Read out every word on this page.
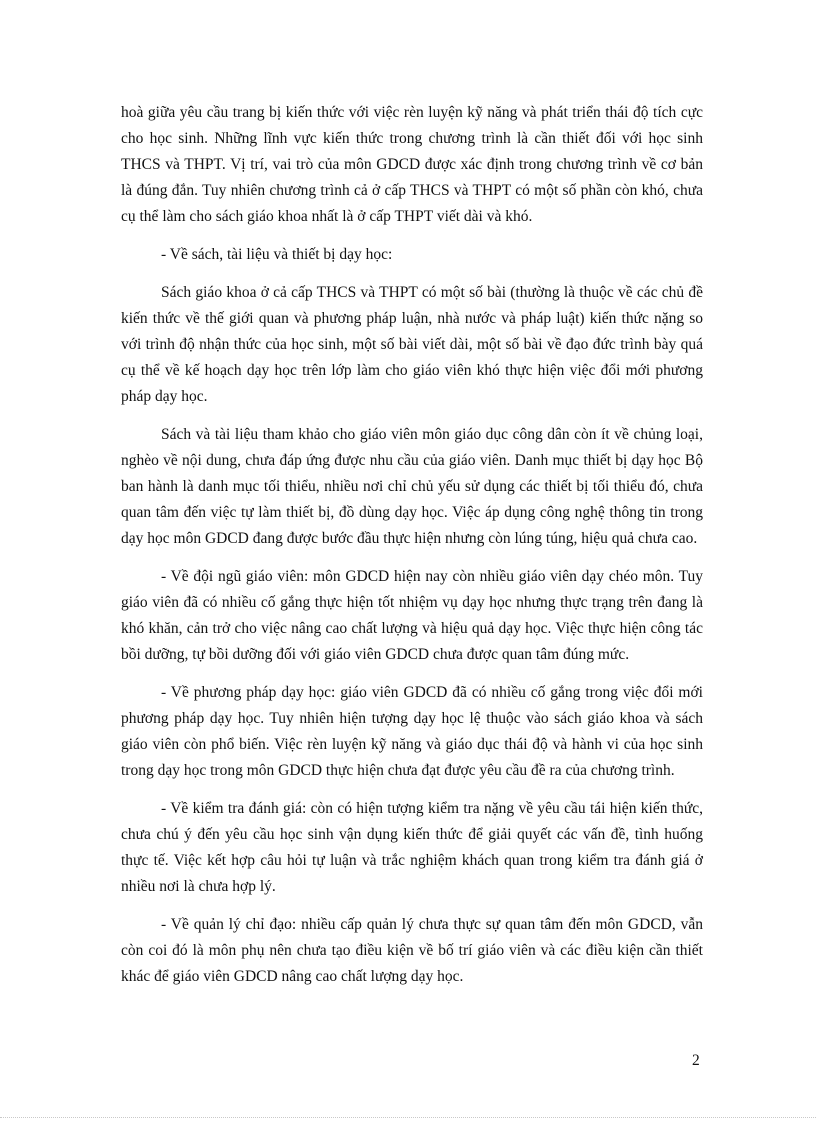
hoà giữa yêu cầu trang bị kiến thức với việc rèn luyện kỹ năng và phát triển thái độ tích cực cho học sinh. Những lĩnh vực kiến thức trong chương trình là cần thiết đối với học sinh THCS và THPT. Vị trí, vai trò của môn GDCD được xác định trong chương trình về cơ bản là đúng đắn. Tuy nhiên chương trình cả ở cấp THCS và THPT có một số phần còn khó, chưa cụ thể làm cho sách giáo khoa nhất là ở cấp THPT viết dài và khó.

- Về sách, tài liệu và thiết bị dạy học:

Sách giáo khoa ở cả cấp THCS và THPT có một số bài (thường là thuộc về các chủ đề kiến thức về thế giới quan và phương pháp luận, nhà nước và pháp luật) kiến thức nặng so với trình độ nhận thức của học sinh, một số bài viết dài, một số bài về đạo đức trình bày quá cụ thể về kế hoạch dạy học trên lớp làm cho giáo viên khó thực hiện việc đổi mới phương pháp dạy học.

Sách và tài liệu tham khảo cho giáo viên môn giáo dục công dân còn ít về chủng loại, nghèo về nội dung, chưa đáp ứng được nhu cầu của giáo viên. Danh mục thiết bị dạy học Bộ ban hành là danh mục tối thiểu, nhiều nơi chỉ chủ yếu sử dụng các thiết bị tối thiểu đó, chưa quan tâm đến việc tự làm thiết bị, đồ dùng dạy học. Việc áp dụng công nghệ thông tin trong dạy học môn GDCD đang được bước đầu thực hiện nhưng còn lúng túng, hiệu quả chưa cao.

- Về đội ngũ giáo viên: môn GDCD hiện nay còn nhiều giáo viên dạy chéo môn. Tuy giáo viên đã có nhiều cố gắng thực hiện tốt nhiệm vụ dạy học nhưng thực trạng trên đang là khó khăn, cản trở cho việc nâng cao chất lượng và hiệu quả dạy học. Việc thực hiện công tác bồi dưỡng, tự bồi dưỡng đối với giáo viên GDCD chưa được quan tâm đúng mức.

- Về phương pháp dạy học: giáo viên GDCD đã có nhiều cố gắng trong việc đổi mới phương pháp dạy học. Tuy nhiên hiện tượng dạy học lệ thuộc vào sách giáo khoa và sách giáo viên còn phổ biến. Việc rèn luyện kỹ năng và giáo dục thái độ và hành vi của học sinh trong dạy học trong môn GDCD thực hiện chưa đạt được yêu cầu đề ra của chương trình.

- Về kiểm tra đánh giá: còn có hiện tượng kiểm tra nặng về yêu cầu tái hiện kiến thức, chưa chú ý đến yêu cầu học sinh vận dụng kiến thức để giải quyết các vấn đề, tình huống thực tế. Việc kết hợp câu hỏi tự luận và trắc nghiệm khách quan trong kiểm tra đánh giá ở nhiều nơi là chưa hợp lý.

- Về quản lý chỉ đạo: nhiều cấp quản lý chưa thực sự quan tâm đến môn GDCD, vẫn còn coi đó là môn phụ nên chưa tạo điều kiện về bố trí giáo viên và các điều kiện cần thiết khác để giáo viên GDCD nâng cao chất lượng dạy học.

2
